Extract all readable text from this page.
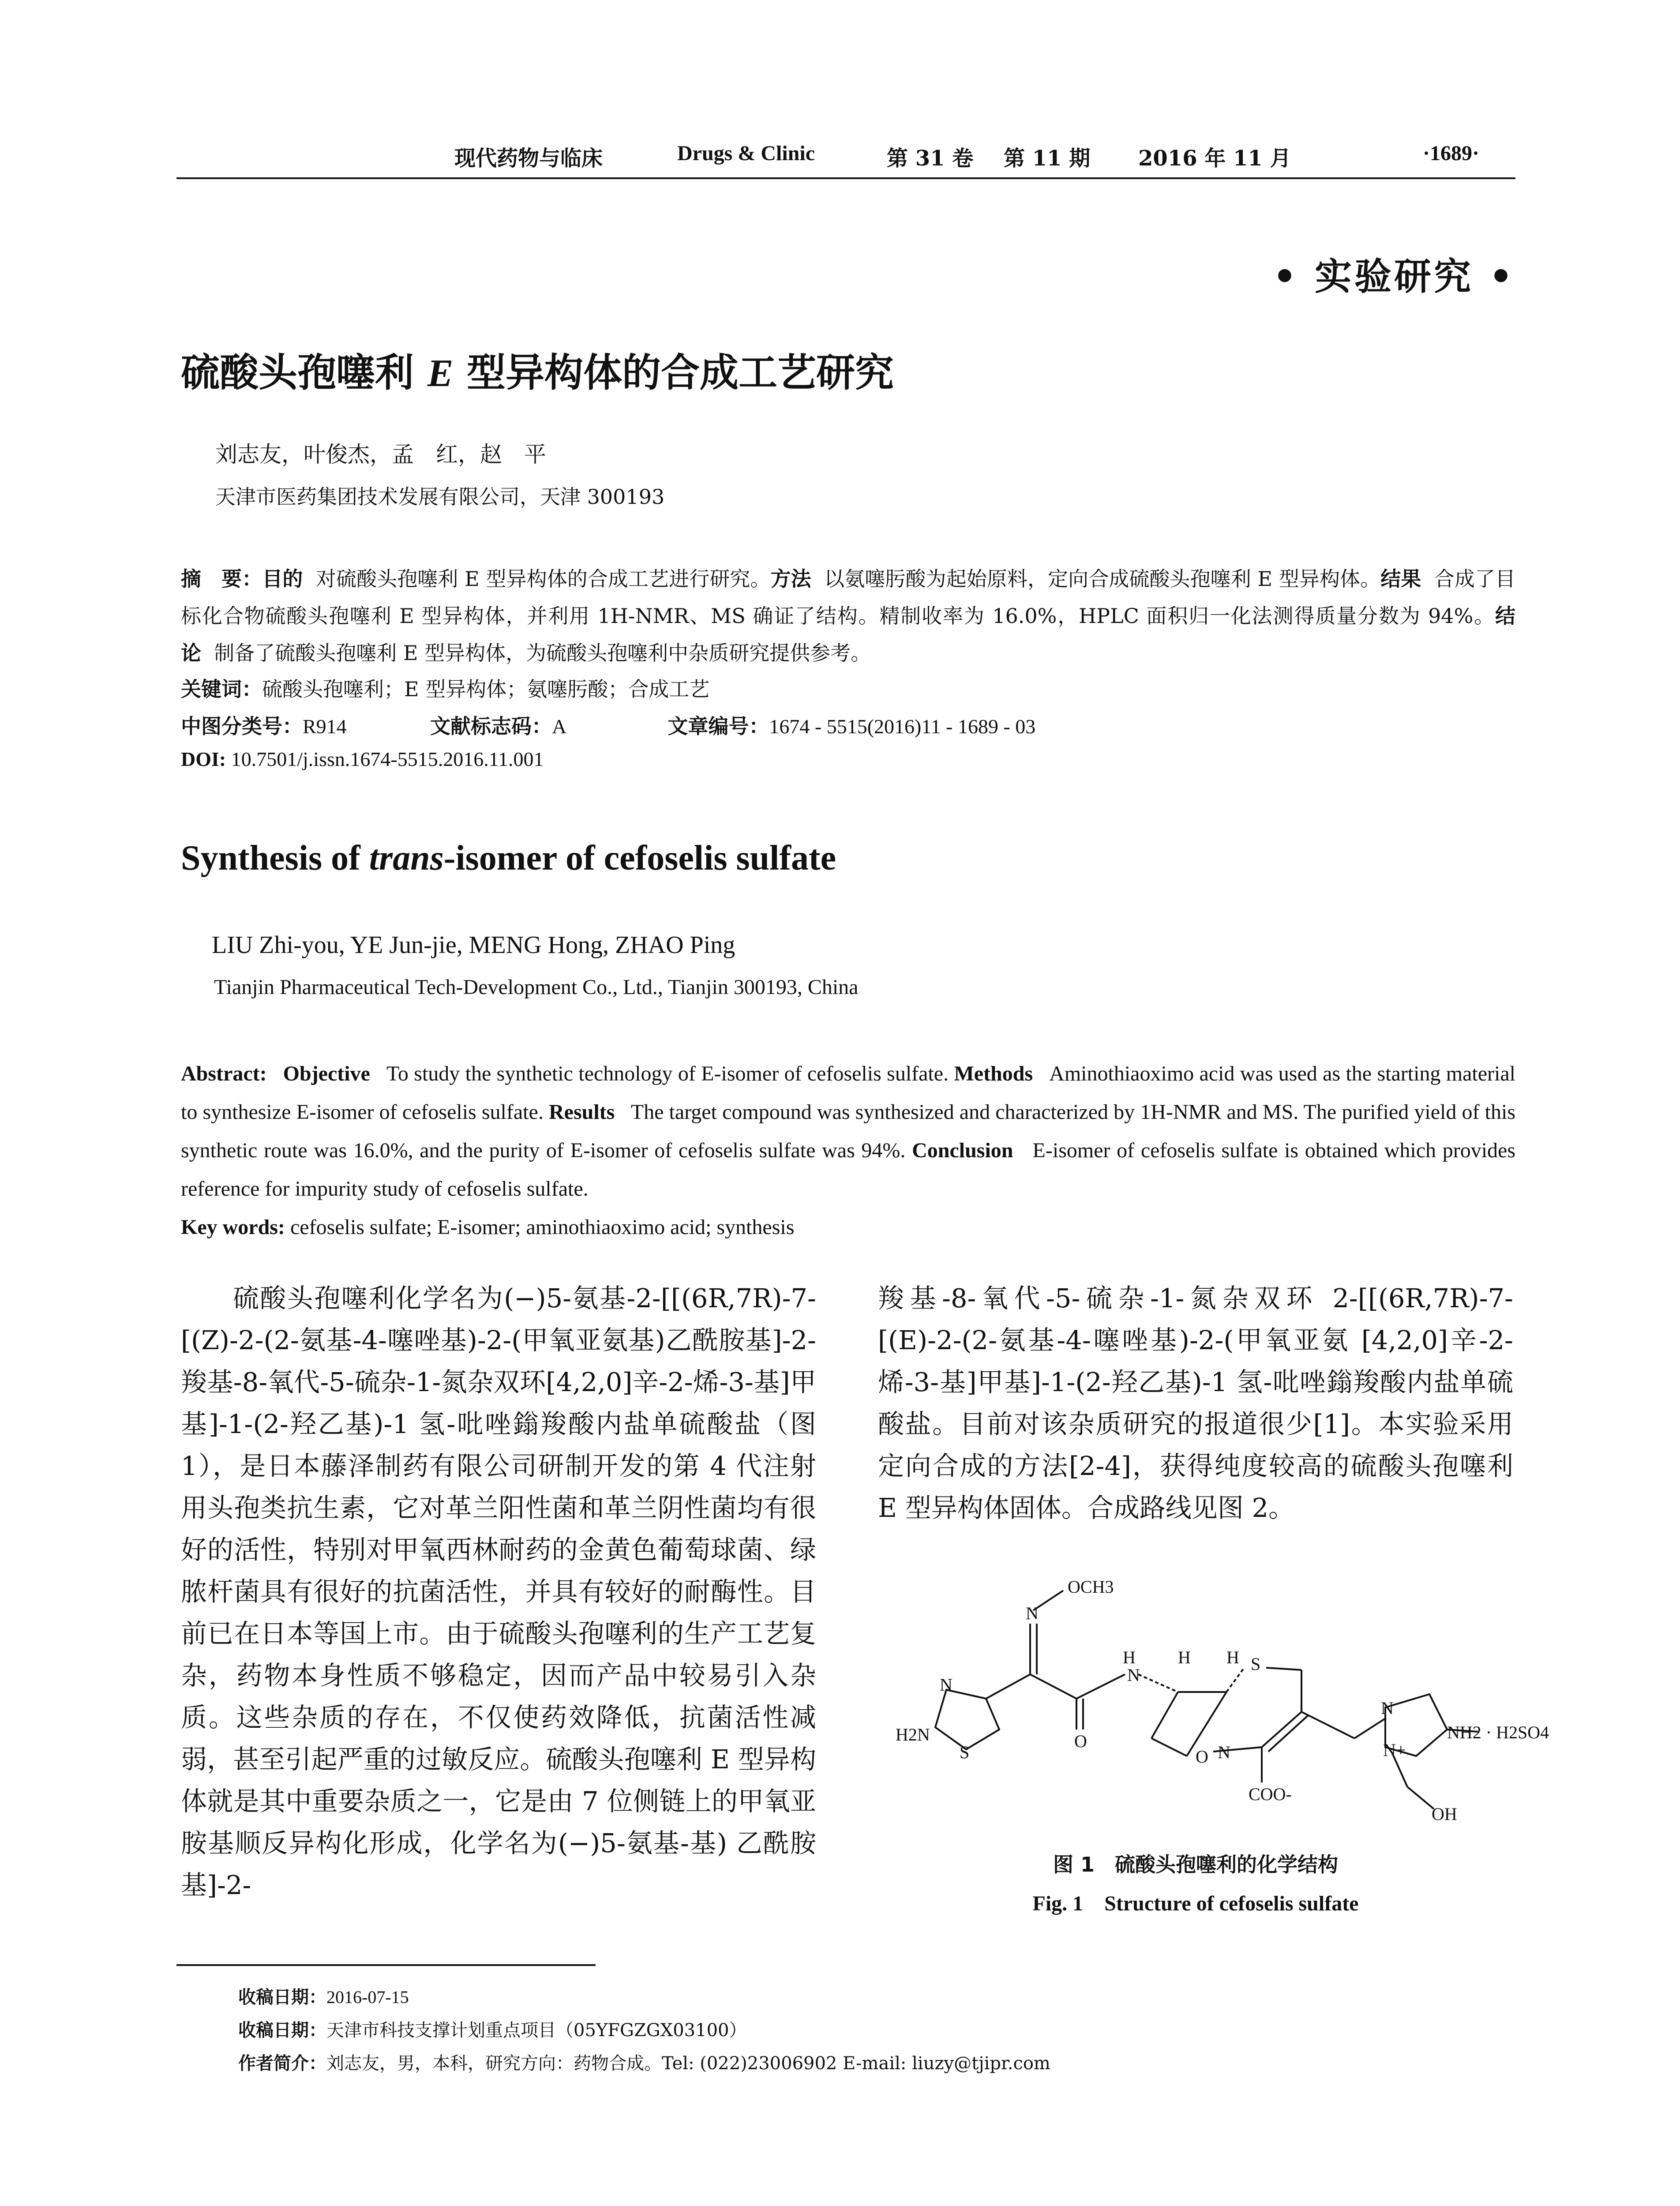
现代药物与临床	Drugs & Clinic	第 31 卷 第 11 期 2016 年 11 月	·1689·
• 实验研究 •
硫酸头孢噻利 E 型异构体的合成工艺研究
刘志友，叶俊杰，孟　红，赵　平
天津市医药集团技术发展有限公司，天津 300193
摘　要：目的 对硫酸头孢噻利 E 型异构体的合成工艺进行研究。方法 以氨噻肟酸为起始原料，定向合成硫酸头孢噻利 E 型异构体。结果 合成了目标化合物硫酸头孢噻利 E 型异构体，并利用 1H-NMR、MS 确证了结构。精制收率为 16.0%，HPLC 面积归一化法测得质量分数为 94%。结论 制备了硫酸头孢噻利 E 型异构体，为硫酸头孢噻利中杂质研究提供参考。
关键词：硫酸头孢噻利；E 型异构体；氨噻肟酸；合成工艺
中图分类号：R914	文献标志码：A	文章编号：1674 - 5515(2016)11 - 1689 - 03
DOI: 10.7501/j.issn.1674-5515.2016.11.001
Synthesis of trans-isomer of cefoselis sulfate
LIU Zhi-you, YE Jun-jie, MENG Hong, ZHAO Ping
Tianjin Pharmaceutical Tech-Development Co., Ltd., Tianjin 300193, China
Abstract: Objective To study the synthetic technology of E-isomer of cefoselis sulfate. Methods Aminothiaoximo acid was used as the starting material to synthesize E-isomer of cefoselis sulfate. Results The target compound was synthesized and characterized by 1H-NMR and MS. The purified yield of this synthetic route was 16.0%, and the purity of E-isomer of cefoselis sulfate was 94%. Conclusion E-isomer of cefoselis sulfate is obtained which provides reference for impurity study of cefoselis sulfate.
Key words: cefoselis sulfate; E-isomer; aminothiaoximo acid; synthesis
硫酸头孢噻利化学名为(−)5-氨基-2-[[(6R,7R)-7-[(Z)-2-(2-氨基-4-噻唑基)-2-(甲氧亚氨基)乙酰胺基]-2-羧基-8-氧代-5-硫杂-1-氮杂双环[4,2,0]辛-2-烯-3-基]甲基]-1-(2-羟乙基)-1 氢-吡唑鎓羧酸内盐单硫酸盐（图 1），是日本藤泽制药有限公司研制开发的第 4 代注射用头孢类抗生素，它对革兰阳性菌和革兰阴性菌均有很好的活性，特别对甲氧西林耐药的金黄色葡萄球菌、绿脓杆菌具有很好的抗菌活性，并具有较好的耐酶性。目前已在日本等国上市。由于硫酸头孢噻利的生产工艺复杂，药物本身性质不够稳定，因而产品中较易引入杂质。这些杂质的存在，不仅使药效降低，抗菌活性减弱，甚至引起严重的过敏反应。硫酸头孢噻利 E 型异构体就是其中重要杂质之一，它是由 7 位侧链上的甲氧亚胺基顺反异构化形成，化学名为(−)5-氨基-基) 乙酰胺基]-2-
羧基-8-氧代-5-硫杂-1-氮杂双环 2-[[(6R,7R)-7-[(E)-2-(2-氨基-4-噻唑基)-2-(甲氧亚氨 [4,2,0]辛-2-烯-3-基]甲基]-1-(2-羟乙基)-1 氢-吡唑鎓羧酸内盐单硫酸盐。目前对该杂质研究的报道很少[1]。本实验采用定向合成的方法[2-4]，获得纯度较高的硫酸头孢噻利 E 型异构体固体。合成路线见图 2。
OCH3
N
H
N
H H S
N
S
H2N	O
O N
COO-
N
N+
NH2 · H2SO4
OH
图 1　硫酸头孢噻利的化学结构
Fig. 1　Structure of cefoselis sulfate
收稿日期：2016-07-15
收稿日期：天津市科技支撑计划重点项目（05YFGZGX03100）
作者简介：刘志友，男，本科，研究方向：药物合成。Tel: (022)23006902 E-mail: liuzy@tjipr.com
